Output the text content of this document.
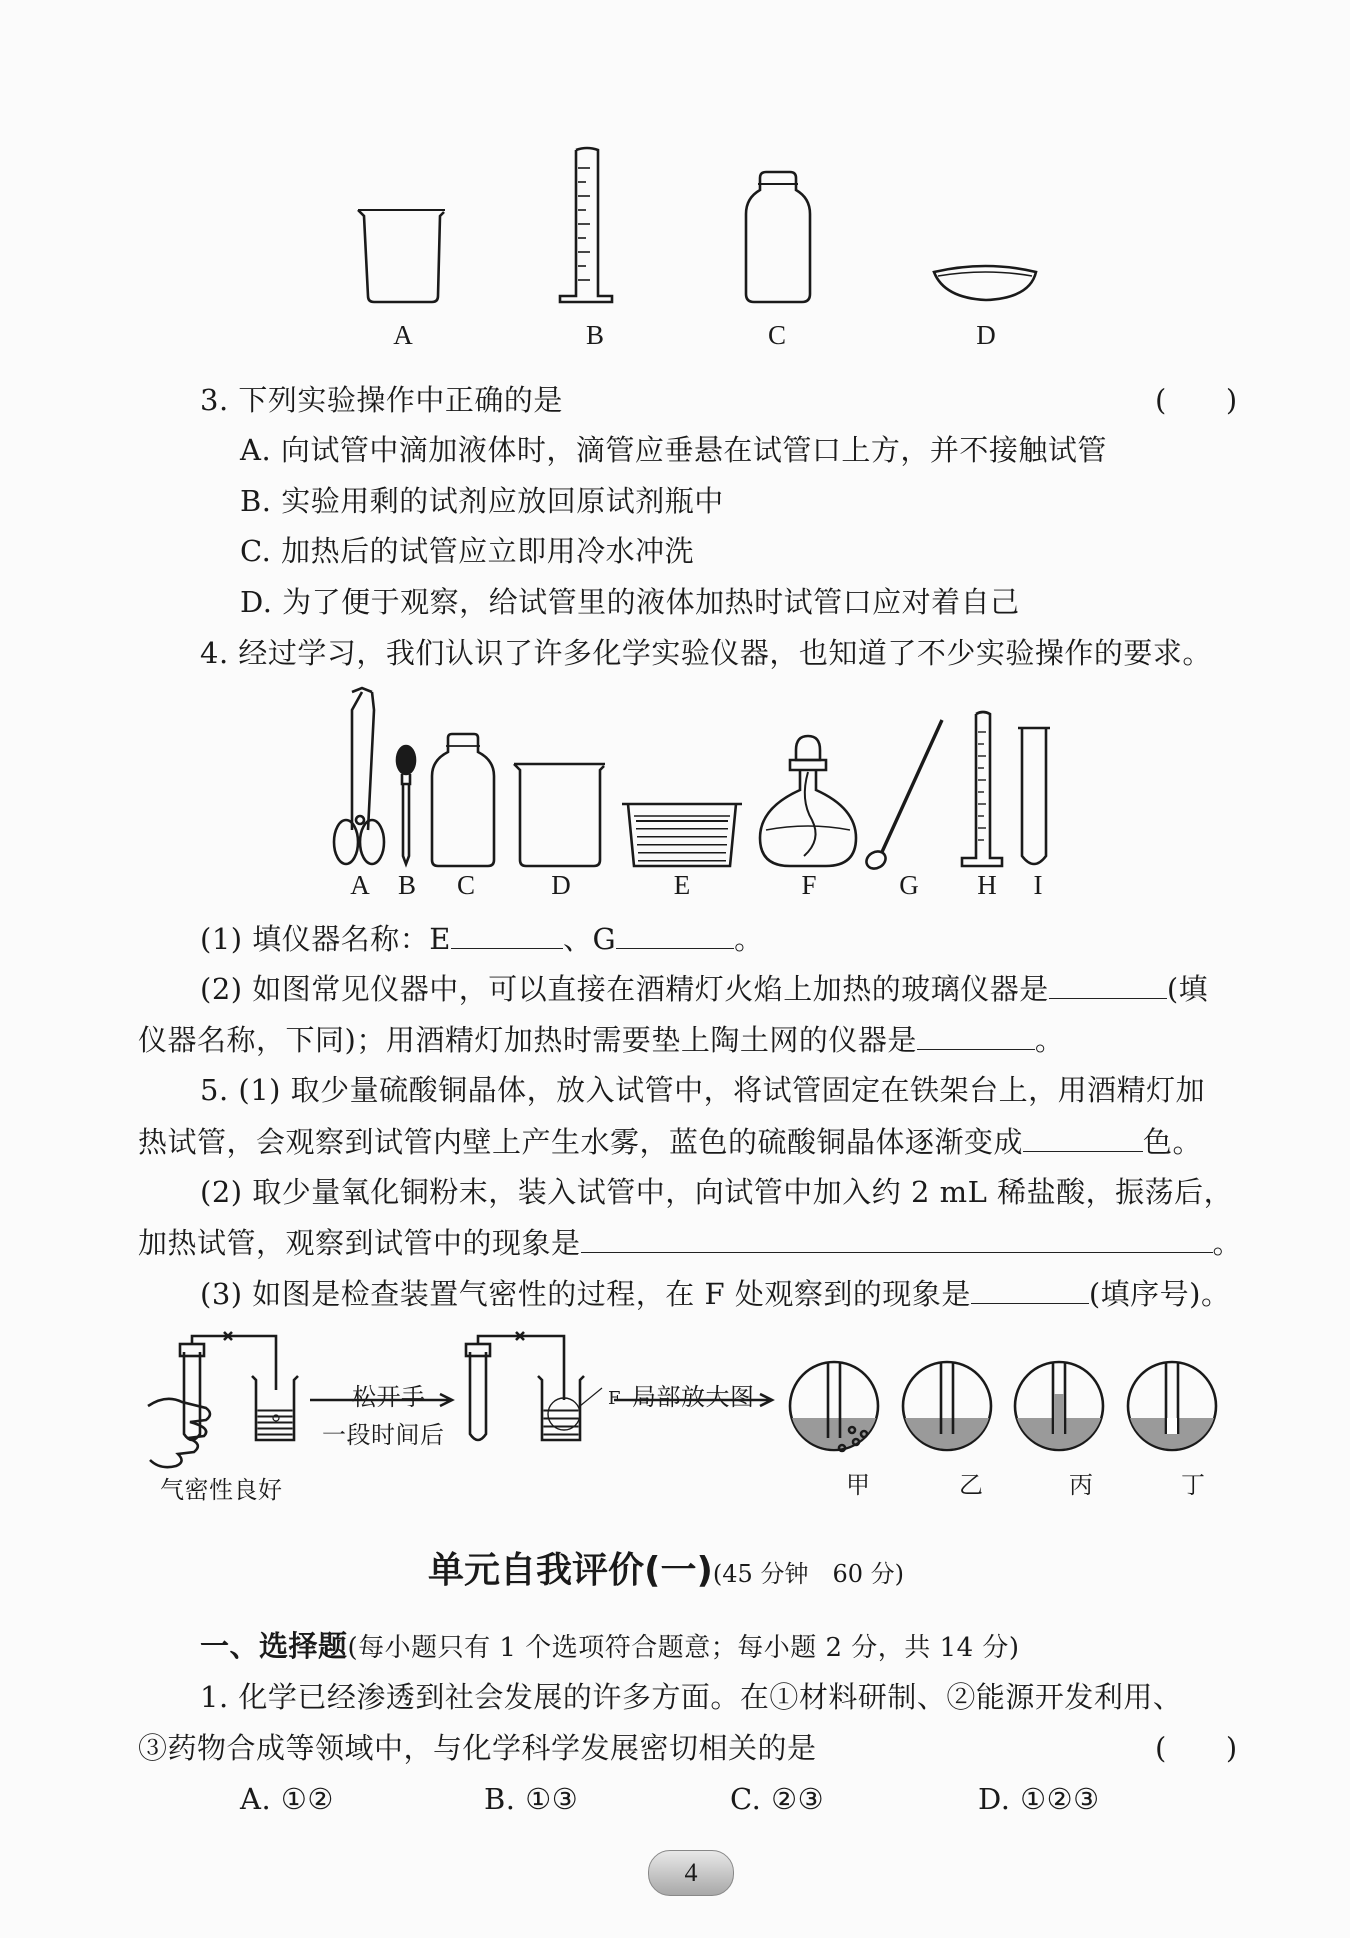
A	B	C	D
3. 下列实验操作中正确的是	(　　)
A. 向试管中滴加液体时，滴管应垂悬在试管口上方，并不接触试管
B. 实验用剩的试剂应放回原试剂瓶中
C. 加热后的试管应立即用冷水冲洗
D. 为了便于观察，给试管里的液体加热时试管口应对着自己
4. 经过学习，我们认识了许多化学实验仪器，也知道了不少实验操作的要求。
A	B	C	D	E	F	G	H	I
(1) 填仪器名称：E	、G	。
(2) 如图常见仪器中，可以直接在酒精灯火焰上加热的玻璃仪器是	(填
仪器名称，下同)；用酒精灯加热时需要垫上陶土网的仪器是	。
5. (1) 取少量硫酸铜晶体，放入试管中，将试管固定在铁架台上，用酒精灯加
热试管，会观察到试管内壁上产生水雾，蓝色的硫酸铜晶体逐渐变成	色。
(2) 取少量氧化铜粉末，装入试管中，向试管中加入约 2 mL 稀盐酸，振荡后，
加热试管，观察到试管中的现象是	。
(3) 如图是检查装置气密性的过程，在 F 处观察到的现象是	(填序号)。
气密性良好
松开手
一段时间后
F 局部放大图
甲	乙	丙	丁
单元自我评价(一)(45 分钟　60 分)
一、选择题(每小题只有 1 个选项符合题意；每小题 2 分，共 14 分)
1. 化学已经渗透到社会发展的许多方面。在①材料研制、②能源开发利用、
③药物合成等领域中，与化学科学发展密切相关的是	(　　)
A. ①②	B. ①③	C. ②③	D. ①②③
4
